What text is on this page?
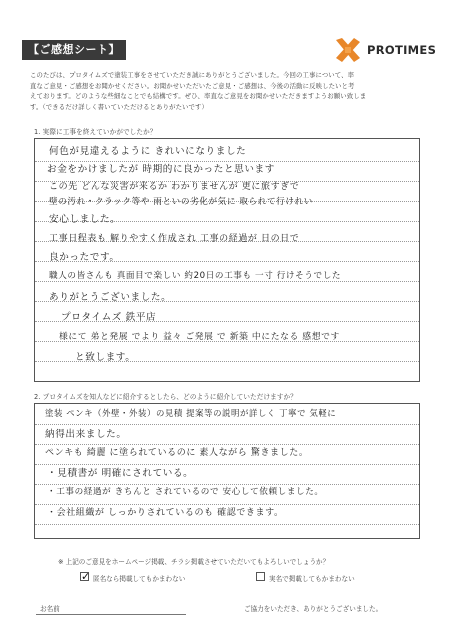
【ご感想シート】	PROTIMES
このたびは、プロタイムズで塗装工事をさせていただき誠にありがとうございました。今回の工事について、率
直なご意見・ご感想をお聞かせください。お聞かせいただいたご意見・ご感想は、今後の活動に反映したいと考
えております。どのような些細なことでも結構です。ぜひ、率直なご意見をお聞かせいただきますようお願い致しま
す。（できるだけ詳しく書いていただけるとありがたいです）
1. 実際に工事を終えていかがでしたか？
何色が見違えるように きれいになりました
お金をかけましたが 時期的に良かったと思います
この先 どんな災害が来るか わかりませんが 更に旅すぎで
壁の汚れ・クラック等や 雨といの劣化が気に 取られて行けれい
安心しました。
工事日程表も 解りやすく作成され 工事の経過が 日の日で
良かったです。
職人の皆さんも 真面目で楽しい 約20日の工事も 一寸 行けそうでした
ありがとうございました。
プロタイムズ 鉄平店
様にて 弟と発展 でより 益々 ご発展 で 新築 中にたなる 感想です
と致します。
2. プロタイムズを知人などに紹介するとしたら、どのように紹介していただけますか？
塗装 ペンキ（外壁・外装）の見積 提案等の説明が詳しく 丁寧で 気軽に
納得出来ました。
ペンキも 綺麗 に塗られているのに 素人ながら 驚きました。
・見積書が 明確にされている。
・工事の経過が きちんと されているので 安心して依頼しました。
・会社組織が しっかりされているのも 確認できます。
※ 上記のご意見をホームページ掲載、チラシ掲載させていただいてもよろしいでしょうか？
✓ 匿名なら掲載してもかまわない	実名で掲載してもかまわない
お名前	ご協力をいただき、ありがとうございました。
